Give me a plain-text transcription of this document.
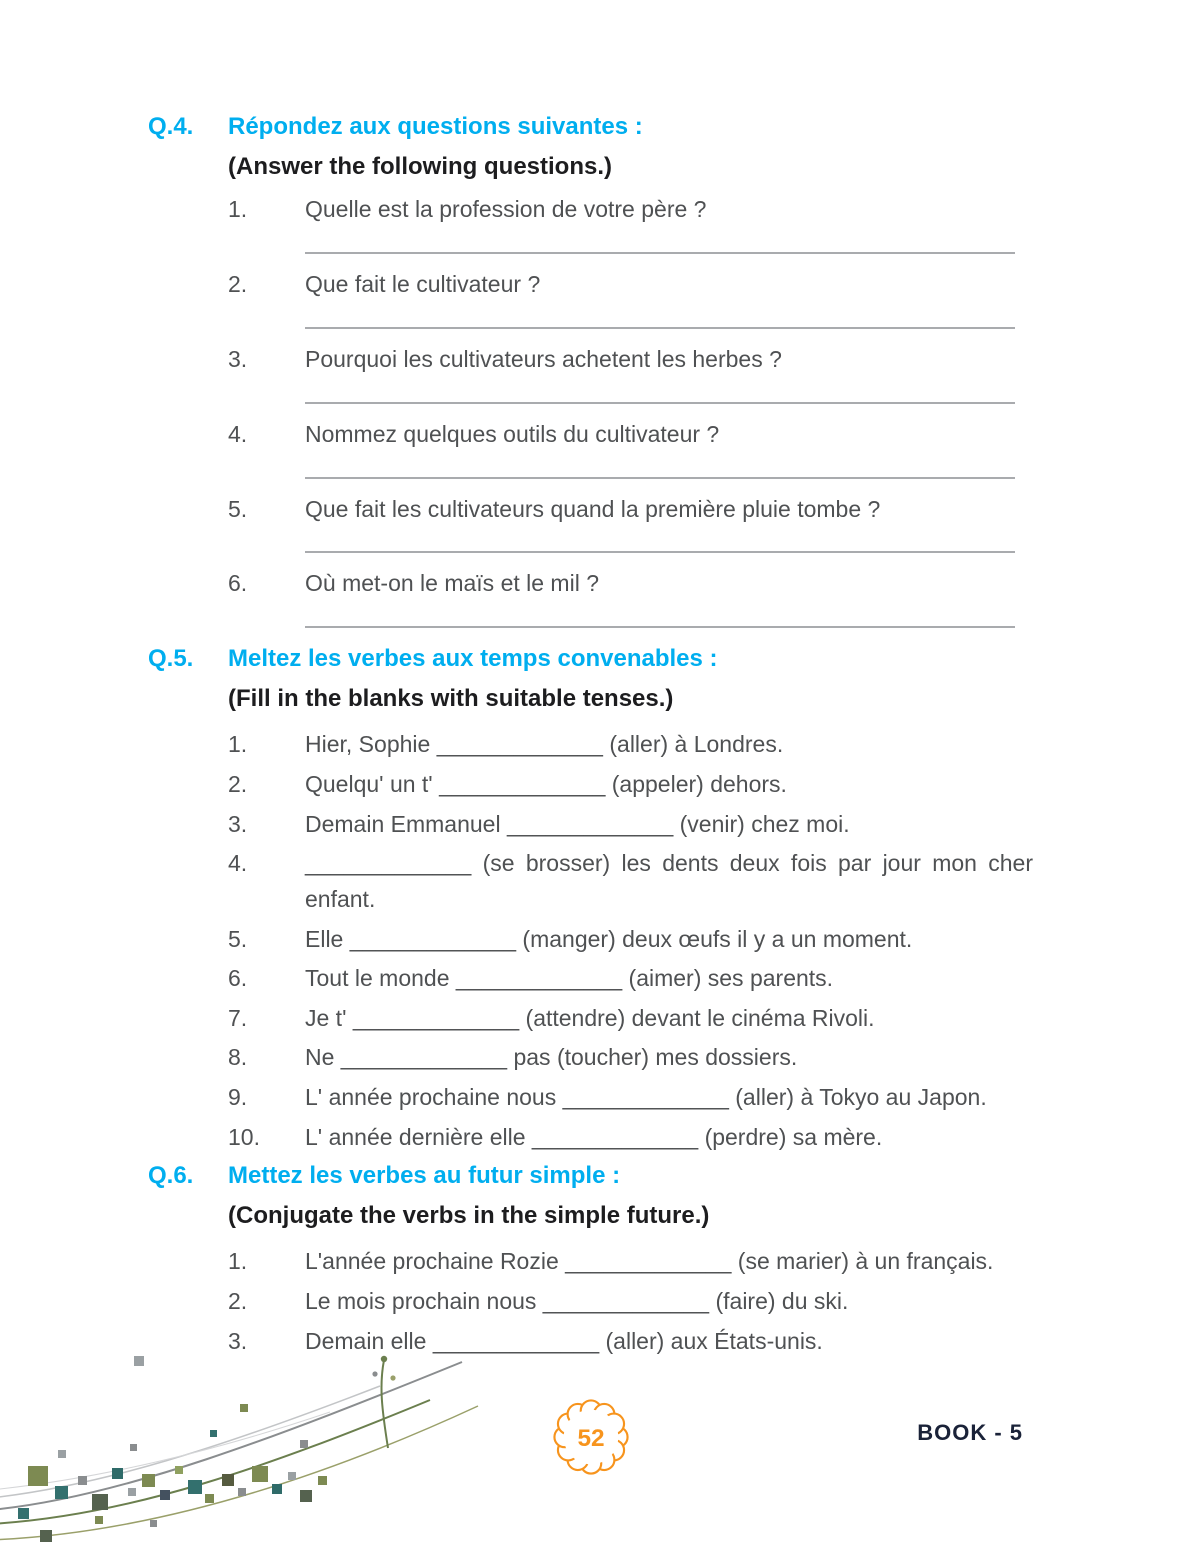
Q.4.	Répondez aux questions suivantes :
(Answer the following questions.)
1.	Quelle est la profession de votre père ?
2.	Que fait le cultivateur ?
3.	Pourquoi les cultivateurs achetent les herbes ?
4.	Nommez quelques outils du cultivateur ?
5.	Que fait les cultivateurs quand la première pluie tombe ?
6.	Où met-on le maïs et le mil ?
Q.5.	Meltez les verbes aux temps convenables :
(Fill in the blanks with suitable tenses.)
1.	Hier, Sophie _____________ (aller) à Londres.
2.	Quelqu' un t' _____________ (appeler) dehors.
3.	Demain Emmanuel _____________ (venir) chez moi.
4.	_____________ (se brosser) les dents deux fois par jour mon cher enfant.
5.	Elle _____________ (manger) deux œufs il y a un moment.
6.	Tout le monde _____________ (aimer) ses parents.
7.	Je t' _____________ (attendre) devant le cinéma Rivoli.
8.	Ne _____________ pas (toucher) mes dossiers.
9.	L' année prochaine nous _____________ (aller) à Tokyo au Japon.
10.	L' année dernière elle _____________ (perdre) sa mère.
Q.6.	Mettez les verbes au futur simple :
(Conjugate the verbs in the simple future.)
1.	L'année prochaine Rozie _____________ (se marier) à un français.
2.	Le mois prochain nous _____________ (faire) du ski.
3.	Demain elle _____________ (aller) aux États-unis.
52	BOOK - 5
